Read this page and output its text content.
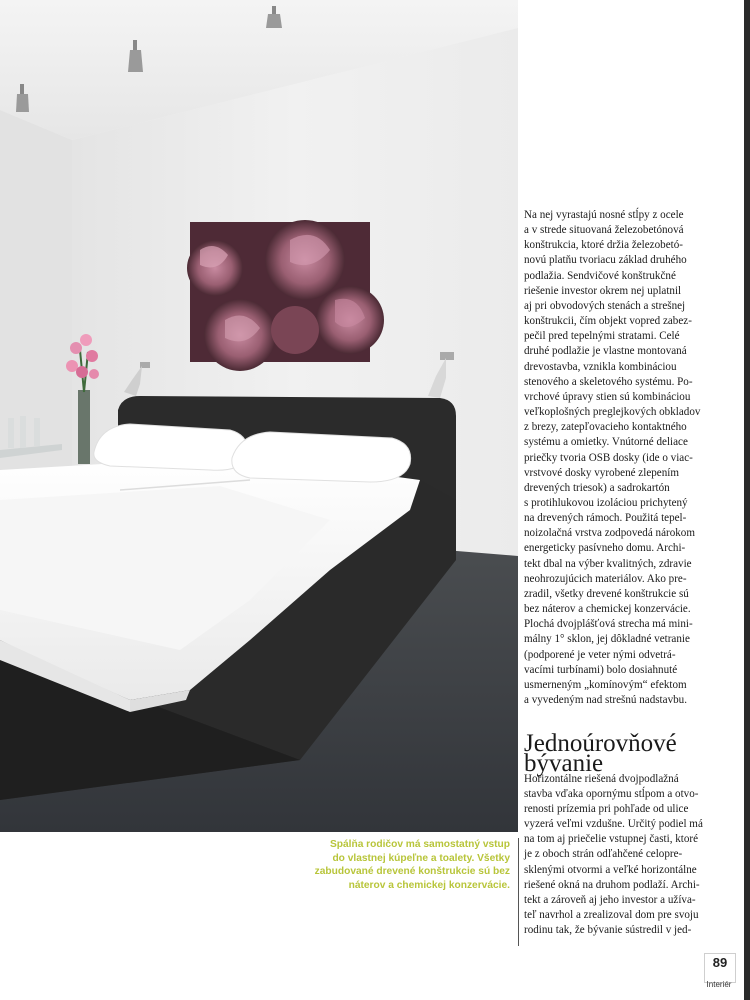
Na nej vyrastajú nosné stĺpy z ocele

a v strede situovaná železobetónová

konštrukcia, ktoré držia železobetó-

novú platňu tvoriacu základ druhého

podlažia. Sendvičové konštrukčné

riešenie investor okrem nej uplatnil

aj pri obvodových stenách a strešnej

konštrukcii, čím objekt vopred zabez-

pečil pred tepelnými stratami. Celé

druhé podlažie je vlastne montovaná

drevostavba, vznikla kombináciou

stenového a skeletového systému. Po-

vrchové úpravy stien sú kombináciou

veľkoplošných preglejkových obkladov

z brezy, zatepľovacieho kontaktného

systému a omietky. Vnútorné deliace

priečky tvoria OSB dosky (ide o viac-

vrstvové dosky vyrobené zlepením

drevených triesok) a sadrokartón

s protihlukovou izoláciou prichytený

na drevených rámoch. Použitá tepel-

noizolačná vrstva zodpovedá nárokom

energeticky pasívneho domu. Archi-

tekt dbal na výber kvalitných, zdravie

neohrozujúcich materiálov. Ako pre-

zradil, všetky drevené konštrukcie sú

bez náterov a chemickej konzervácie.

Plochá dvojplášťová strecha má mini-

málny 1° sklon, jej dôkladné vetranie

(podporené je veter nými odvetrá-

vacími turbínami) bolo dosiahnuté

usmerneným „komínovým“ efektom

a vyvedeným nad strešnú nadstavbu.

Jednoúrovňové
bývanie

Horizontálne riešená dvojpodlažná

stavba vďaka opornýmu stĺpom a otvo-

renosti prízemia pri pohľade od ulice

vyzerá veľmi vzdušne. Určitý podiel má

na tom aj priečelie vstupnej časti, ktoré

je z oboch strán odľahčené celopre-

sklenými otvormi a veľké horizontálne

riešené okná na druhom podlaží. Archi-

tekt a zároveň aj jeho investor a užíva-

teľ navrhol a zrealizoval dom pre svoju

rodinu tak, že bývanie sústredil v jed-

Spálňa rodičov má samostatný vstup
do vlastnej kúpeľne a toalety. Všetky
zabudované drevené konštrukcie sú bez
náterov a chemickej konzervácie.
89
Interiér
